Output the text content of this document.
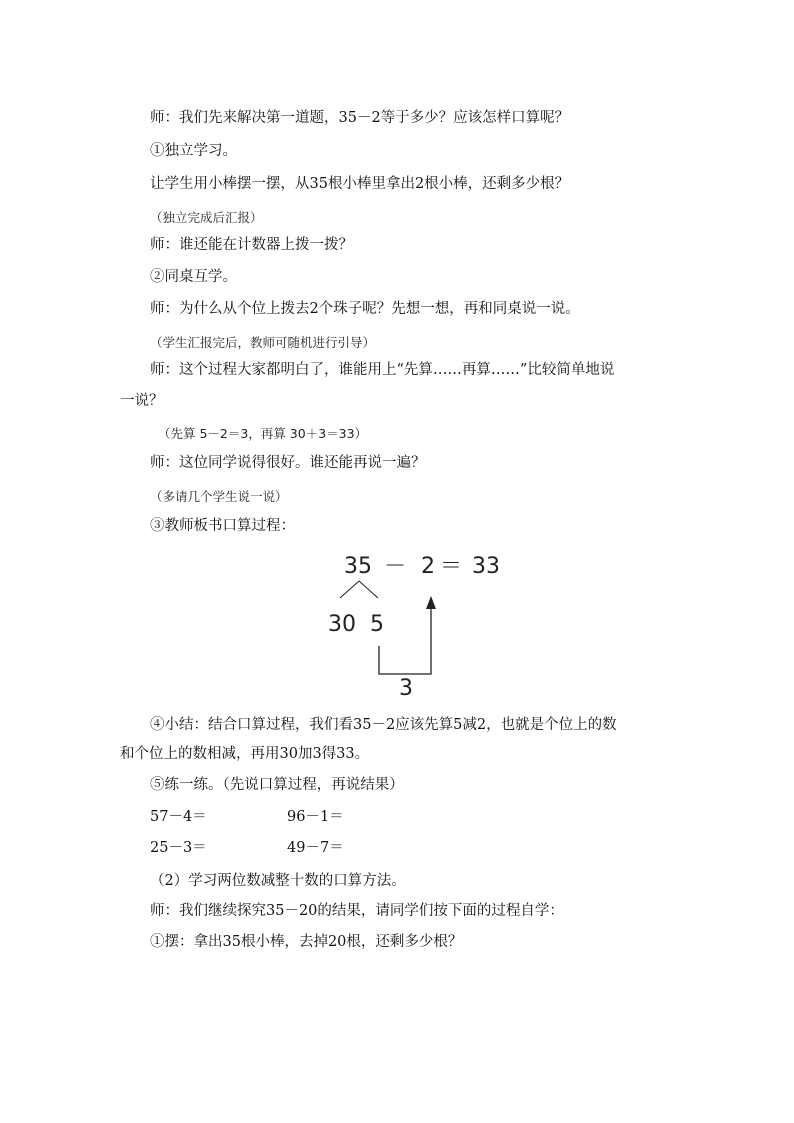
师：我们先来解决第一道题，35－2等于多少？应该怎样口算呢？
①独立学习。
让学生用小棒摆一摆，从35根小棒里拿出2根小棒，还剩多少根？
（独立完成后汇报）
师：谁还能在计数器上拨一拨？
②同桌互学。
师：为什么从个位上拨去2个珠子呢？先想一想，再和同桌说一说。
（学生汇报完后，教师可随机进行引导）
师：这个过程大家都明白了，谁能用上“先算……再算……”比较简单地说
一说？
（先算 5－2＝3，再算 30＋3＝33）
师：这位同学说得很好。谁还能再说一遍？
（多请几个学生说一说）
③教师板书口算过程：
35 － 2 ＝ 33
30 5
3
④小结：结合口算过程，我们看35－2应该先算5减2，也就是个位上的数
和个位上的数相减，再用30加3得33。
⑤练一练。（先说口算过程，再说结果）
57－4＝	96－1＝
25－3＝	49－7＝
（2）学习两位数减整十数的口算方法。
师：我们继续探究35－20的结果，请同学们按下面的过程自学：
①摆：拿出35根小棒，去掉20根，还剩多少根？
